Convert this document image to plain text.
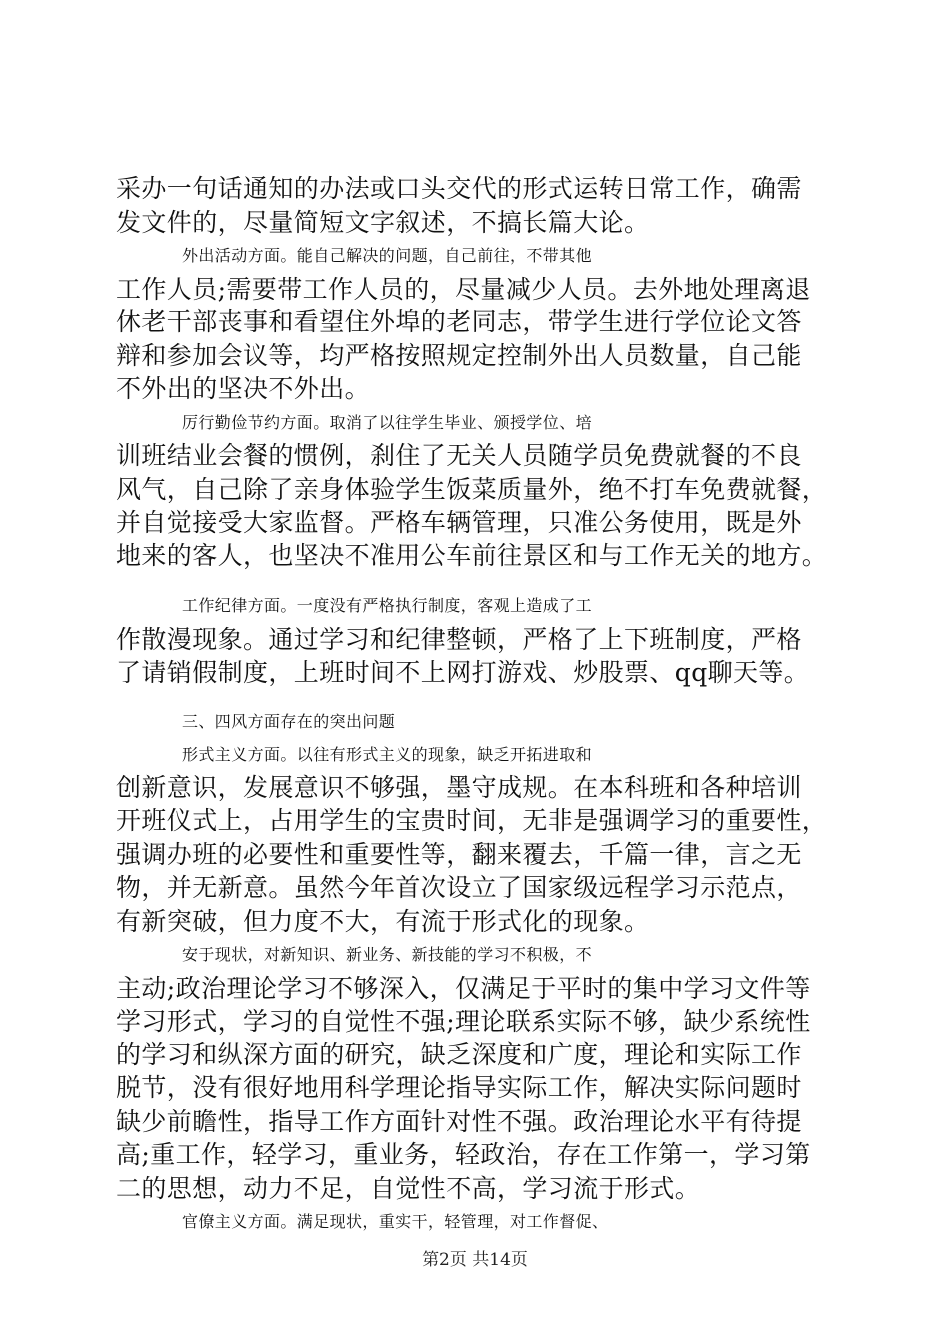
采办一句话通知的办法或口头交代的形式运转日常工作，确需
发文件的，尽量简短文字叙述，不搞长篇大论。
外出活动方面。能自己解决的问题，自己前往，不带其他
工作人员;需要带工作人员的，尽量减少人员。去外地处理离退
休老干部丧事和看望住外埠的老同志，带学生进行学位论文答
辩和参加会议等，均严格按照规定控制外出人员数量，自己能
不外出的坚决不外出。
厉行勤俭节约方面。取消了以往学生毕业、颁授学位、培
训班结业会餐的惯例，刹住了无关人员随学员免费就餐的不良
风气，自己除了亲身体验学生饭菜质量外，绝不打车免费就餐，
并自觉接受大家监督。严格车辆管理，只准公务使用，既是外
地来的客人，也坚决不准用公车前往景区和与工作无关的地方。
工作纪律方面。一度没有严格执行制度，客观上造成了工
作散漫现象。通过学习和纪律整顿，严格了上下班制度，严格
了请销假制度，上班时间不上网打游戏、炒股票、qq聊天等。
三、四风方面存在的突出问题
形式主义方面。以往有形式主义的现象，缺乏开拓进取和
创新意识，发展意识不够强，墨守成规。在本科班和各种培训
开班仪式上，占用学生的宝贵时间，无非是强调学习的重要性，
强调办班的必要性和重要性等，翻来覆去，千篇一律，言之无
物，并无新意。虽然今年首次设立了国家级远程学习示范点，
有新突破，但力度不大，有流于形式化的现象。
安于现状，对新知识、新业务、新技能的学习不积极，不
主动;政治理论学习不够深入，仅满足于平时的集中学习文件等
学习形式，学习的自觉性不强;理论联系实际不够，缺少系统性
的学习和纵深方面的研究，缺乏深度和广度，理论和实际工作
脱节，没有很好地用科学理论指导实际工作，解决实际问题时
缺少前瞻性，指导工作方面针对性不强。政治理论水平有待提
高;重工作，轻学习，重业务，轻政治，存在工作第一，学习第
二的思想，动力不足，自觉性不高，学习流于形式。
官僚主义方面。满足现状，重实干，轻管理，对工作督促、
第2页 共14页
